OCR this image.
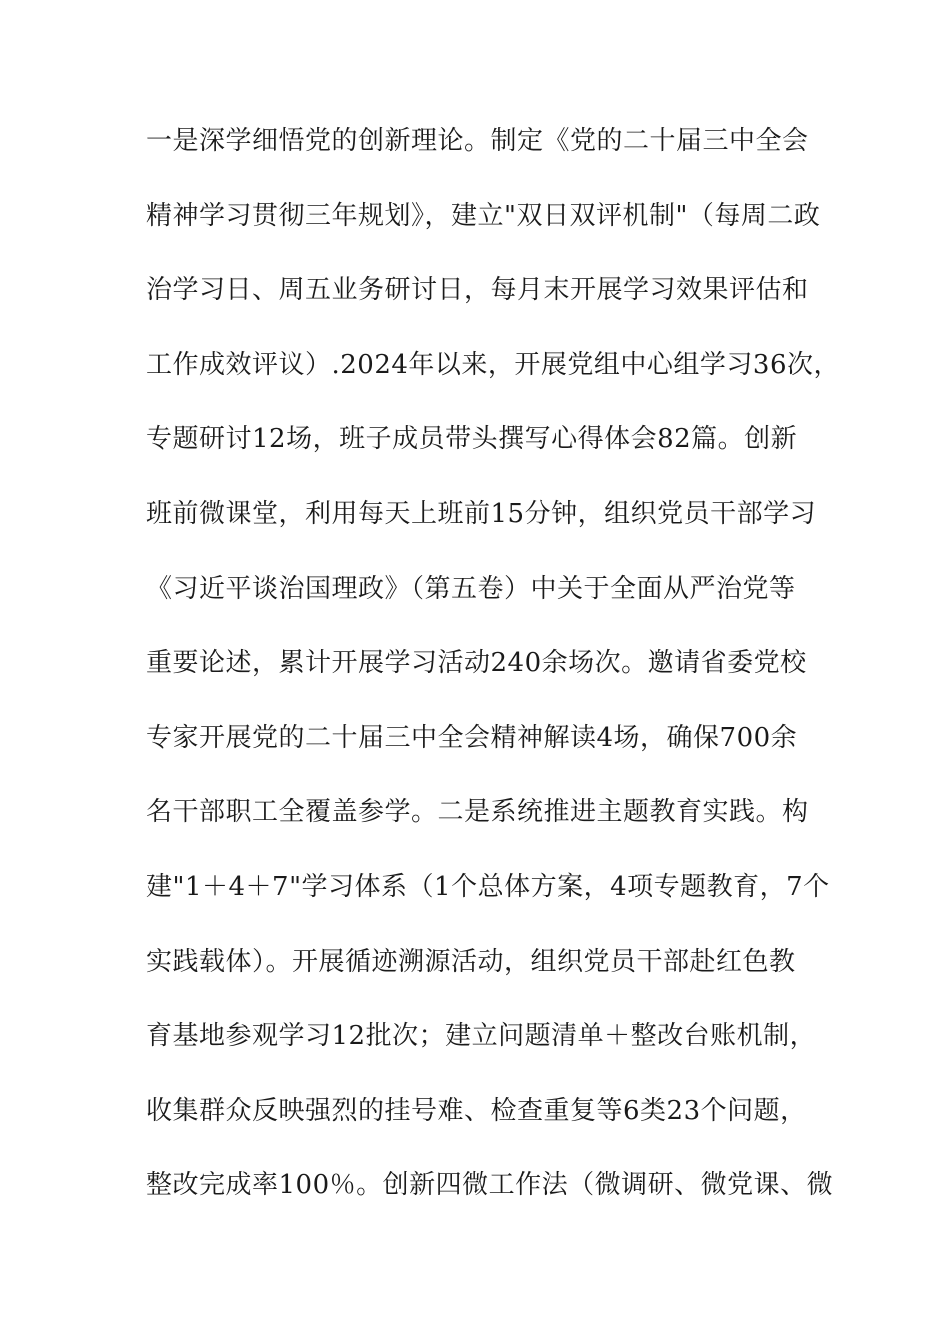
一是深学细悟党的创新理论。制定《党的二十届三中全会
精神学习贯彻三年规划》，建立"双日双评机制"（每周二政
治学习日、周五业务研讨日，每月末开展学习效果评估和
工作成效评议）.2024年以来，开展党组中心组学习36次，
专题研讨12场，班子成员带头撰写心得体会82篇。创新
班前微课堂，利用每天上班前15分钟，组织党员干部学习
《习近平谈治国理政》（第五卷）中关于全面从严治党等
重要论述，累计开展学习活动240余场次。邀请省委党校
专家开展党的二十届三中全会精神解读4场，确保700余
名干部职工全覆盖参学。二是系统推进主题教育实践。构
建"1＋4＋7"学习体系（1个总体方案，4项专题教育，7个
实践载体）。开展循迹溯源活动，组织党员干部赴红色教
育基地参观学习12批次；建立问题清单＋整改台账机制，
收集群众反映强烈的挂号难、检查重复等6类23个问题，
整改完成率100％。创新四微工作法（微调研、微党课、微
